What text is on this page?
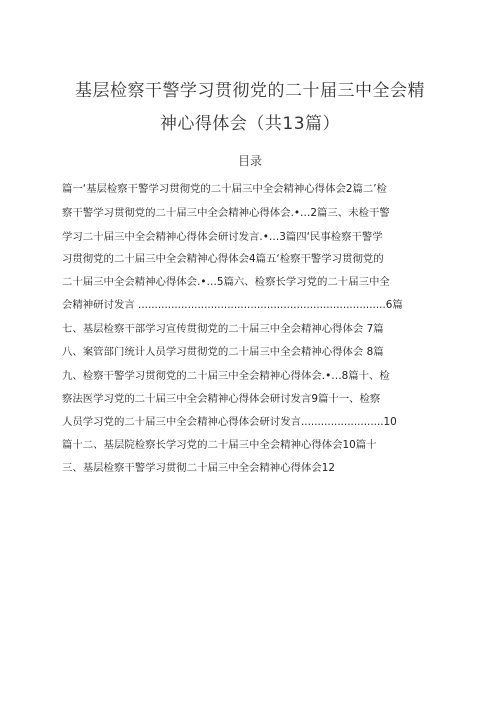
基层检察干警学习贯彻党的二十届三中全会精
神心得体会（共13篇）
目录
篇一‘基层检察干警学习贯彻党的二十届三中全会精神心得体会2篇二’检
察干警学习贯彻党的二十届三中全会精神心得体会.•…2篇三、未检干警
学习二十届三中全会精神心得体会研讨发言.•…3篇四‘民事检察干警学
习贯彻党的二十届三中全会精神心得体会4篇五‘检察干警学习贯彻党的
二十届三中全会精神心得体会.•…5篇六、检察长学习党的二十届三中全
会精神研讨发言 ...........................................................................6篇
七、基层检察干部学习宣传贯彻党的二十届三中全会精神心得体会 7篇
八、案管部门统计人员学习贯彻党的二十届三中全会精神心得体会 8篇
九、检察干警学习贯彻党的二十届三中全会精神心得体会.•…8篇十、检
察法医学习党的二十届三中全会精神心得体会研讨发言9篇十一、检察
人员学习党的二十届三中全会精神心得体会研讨发言.........................10
篇十二、基层院检察长学习党的二十届三中全会精神心得体会10篇十
三、基层检察干警学习贯彻二十届三中全会精神心得体会12
